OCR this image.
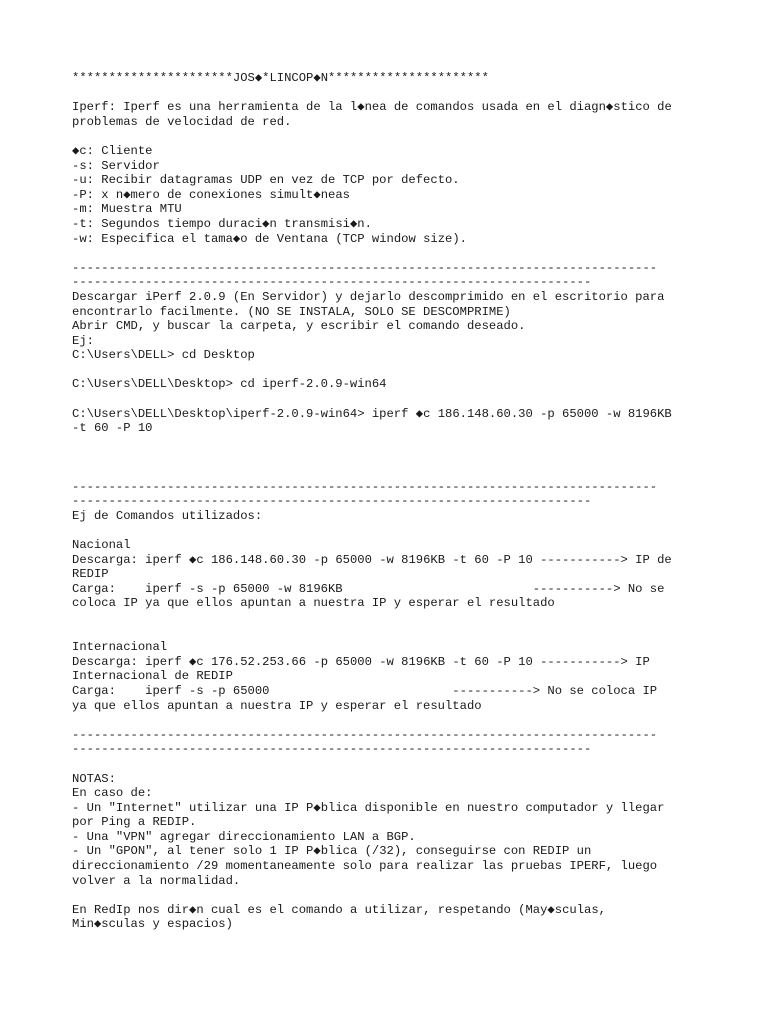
**********************JOS◆*LINCOP◆N**********************
Iperf: Iperf es una herramienta de la l◆nea de comandos usada en el diagn◆stico de
problemas de velocidad de red.
◆c: Cliente
-s: Servidor
-u: Recibir datagramas UDP en vez de TCP por defecto.
-P: x n◆mero de conexiones simult◆neas
-m: Muestra MTU
-t: Segundos tiempo duraci◆n transmisi◆n.
-w: Especifica el tama◆o de Ventana (TCP window size).
--------------------------------------------------------------------------------
-----------------------------------------------------------------------
Descargar iPerf 2.0.9 (En Servidor) y dejarlo descomprimido en el escritorio para
encontrarlo facilmente. (NO SE INSTALA, SOLO SE DESCOMPRIME)
Abrir CMD, y buscar la carpeta, y escribir el comando deseado.
Ej:
C:\Users\DELL> cd Desktop
C:\Users\DELL\Desktop> cd iperf-2.0.9-win64
C:\Users\DELL\Desktop\iperf-2.0.9-win64> iperf ◆c 186.148.60.30 -p 65000 -w 8196KB
-t 60 -P 10
--------------------------------------------------------------------------------
-----------------------------------------------------------------------
Ej de Comandos utilizados:
Nacional
Descarga: iperf ◆c 186.148.60.30 -p 65000 -w 8196KB -t 60 -P 10 -----------> IP de
REDIP
Carga:    iperf -s -p 65000 -w 8196KB                          -----------> No se
coloca IP ya que ellos apuntan a nuestra IP y esperar el resultado
Internacional
Descarga: iperf ◆c 176.52.253.66 -p 65000 -w 8196KB -t 60 -P 10 -----------> IP
Internacional de REDIP
Carga:    iperf -s -p 65000                         -----------> No se coloca IP
ya que ellos apuntan a nuestra IP y esperar el resultado
--------------------------------------------------------------------------------
-----------------------------------------------------------------------
NOTAS:
En caso de:
- Un "Internet" utilizar una IP P◆blica disponible en nuestro computador y llegar
por Ping a REDIP.
- Una "VPN" agregar direccionamiento LAN a BGP.
- Un "GPON", al tener solo 1 IP P◆blica (/32), conseguirse con REDIP un
direccionamiento /29 momentaneamente solo para realizar las pruebas IPERF, luego
volver a la normalidad.
En RedIp nos dir◆n cual es el comando a utilizar, respetando (May◆sculas,
Min◆sculas y espacios)
